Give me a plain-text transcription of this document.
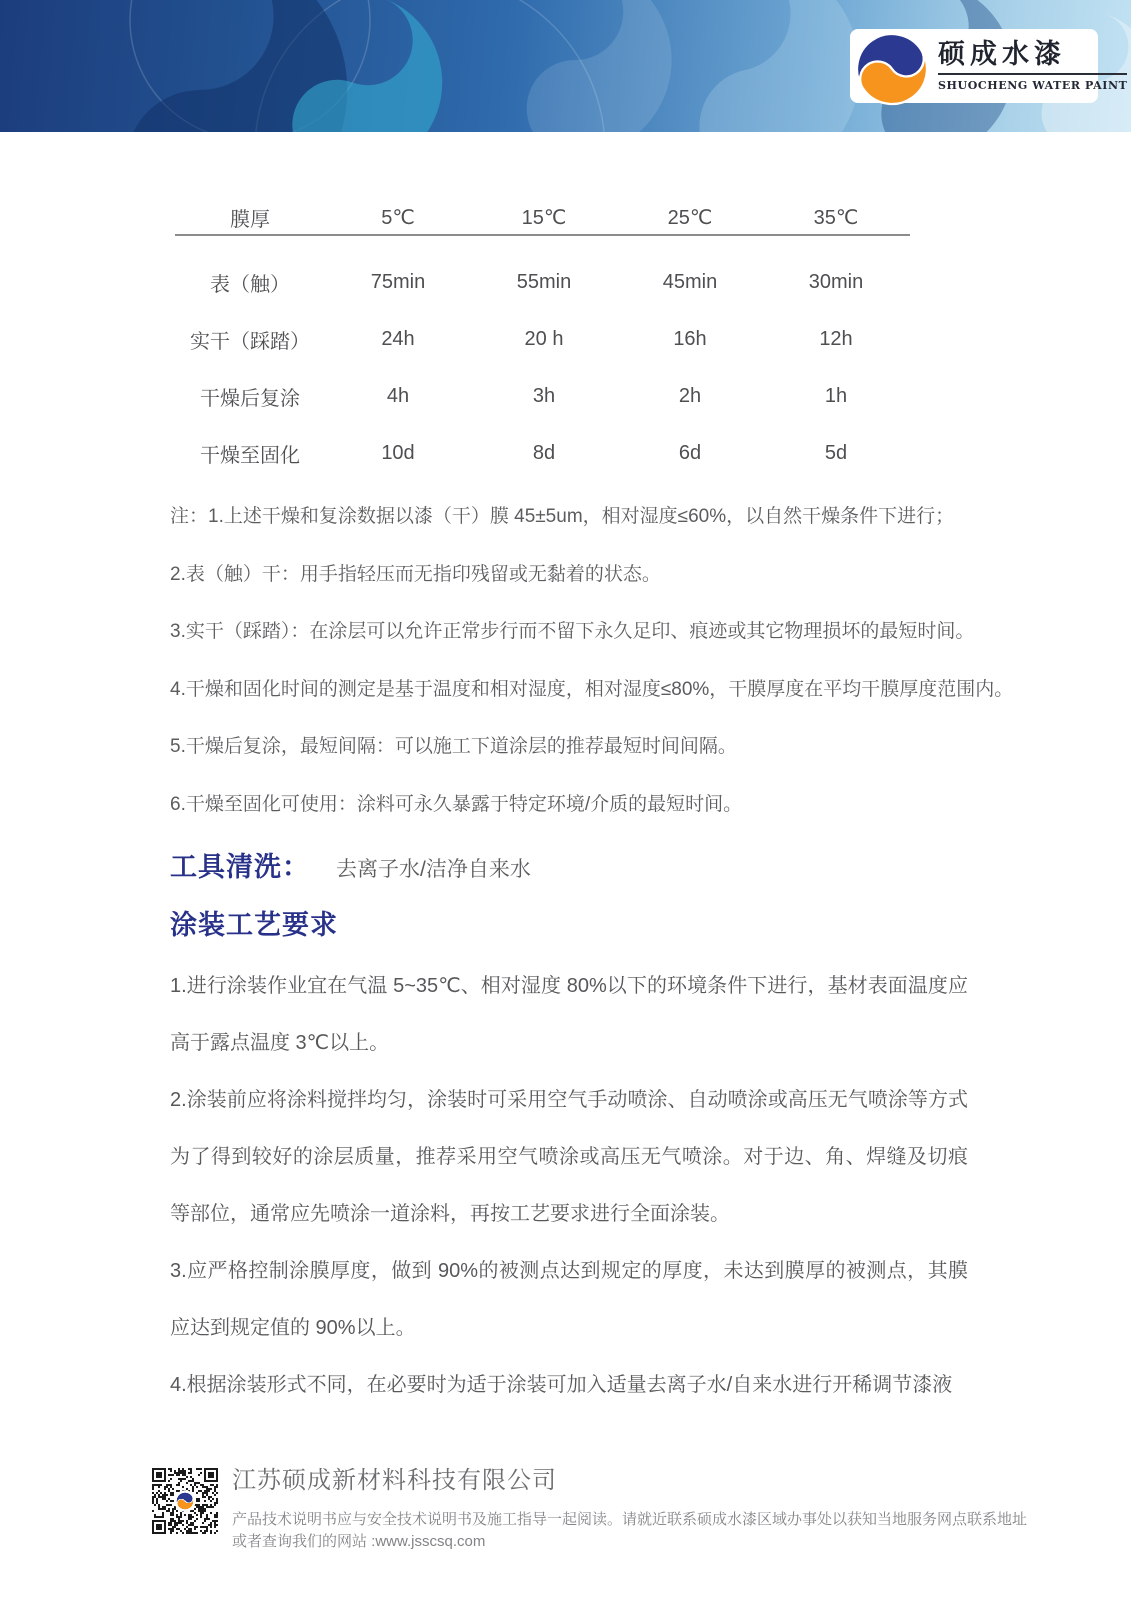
硕成水漆
SHUOCHENG WATER PAINT
膜厚	5℃	15℃	25℃	35℃
表（触）	75min	55min	45min	30min
实干（踩踏）	24h	20 h	16h	12h
干燥后复涂	4h	3h	2h	1h
干燥至固化	10d	8d	6d	5d
注：1.上述干燥和复涂数据以漆（干）膜 45±5um，相对湿度≤60%，以自然干燥条件下进行；
2.表（触）干：用手指轻压而无指印残留或无黏着的状态。
3.实干（踩踏）：在涂层可以允许正常步行而不留下永久足印、痕迹或其它物理损坏的最短时间。
4.干燥和固化时间的测定是基于温度和相对湿度，相对湿度≤80%，干膜厚度在平均干膜厚度范围内。
5.干燥后复涂，最短间隔：可以施工下道涂层的推荐最短时间间隔。
6.干燥至固化可使用：涂料可永久暴露于特定环境/介质的最短时间。
工具清洗： 去离子水/洁净自来水
涂装工艺要求

1.进行涂装作业宜在气温 5~35℃、相对湿度 80%以下的环境条件下进行，基材表面温度应高于露点温度 3℃以上。

2.涂装前应将涂料搅拌均匀，涂装时可采用空气手动喷涂、自动喷涂或高压无气喷涂等方式为了得到较好的涂层质量，推荐采用空气喷涂或高压无气喷涂。对于边、角、焊缝及切痕等部位，通常应先喷涂一道涂料，再按工艺要求进行全面涂装。

3.应严格控制涂膜厚度，做到 90%的被测点达到规定的厚度，未达到膜厚的被测点，其膜应达到规定值的 90%以上。

4.根据涂装形式不同，在必要时为适于涂装可加入适量去离子水/自来水进行开稀调节漆液

江苏硕成新材料科技有限公司
产品技术说明书应与安全技术说明书及施工指导一起阅读。请就近联系硕成水漆区域办事处以获知当地服务网点联系地址
或者查询我们的网站 :www.jsscsq.com
